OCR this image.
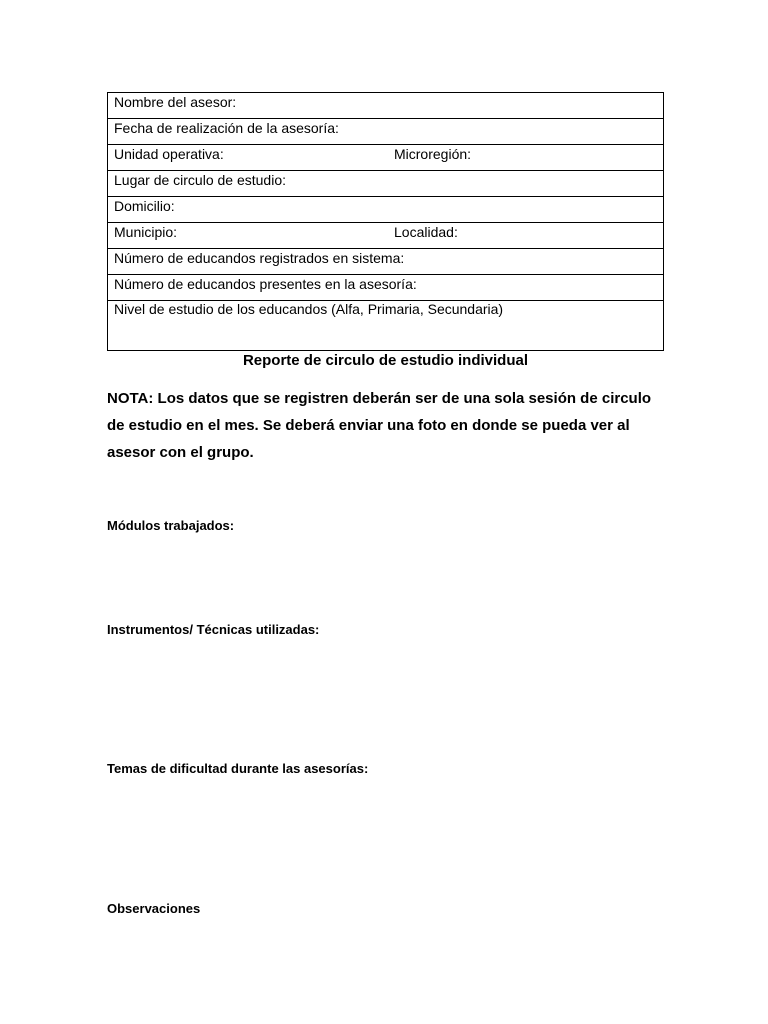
Nombre del asesor:
Fecha de realización de la asesoría:

Unidad operativa:	Microregión:

Lugar de circulo de estudio:
Domicilio:

Municipio:	Localidad:

Número de educandos registrados en sistema:
Número de educandos presentes en la asesoría:
Nivel de estudio de los educandos (Alfa, Primaria, Secundaria)
Reporte de circulo de estudio individual
NOTA: Los datos que se registren deberán ser de una sola sesión de circulo de estudio en el mes. Se deberá enviar una foto en donde se pueda ver al asesor con el grupo.
Módulos trabajados:
Instrumentos/ Técnicas utilizadas:
Temas de dificultad durante las asesorías:
Observaciones
